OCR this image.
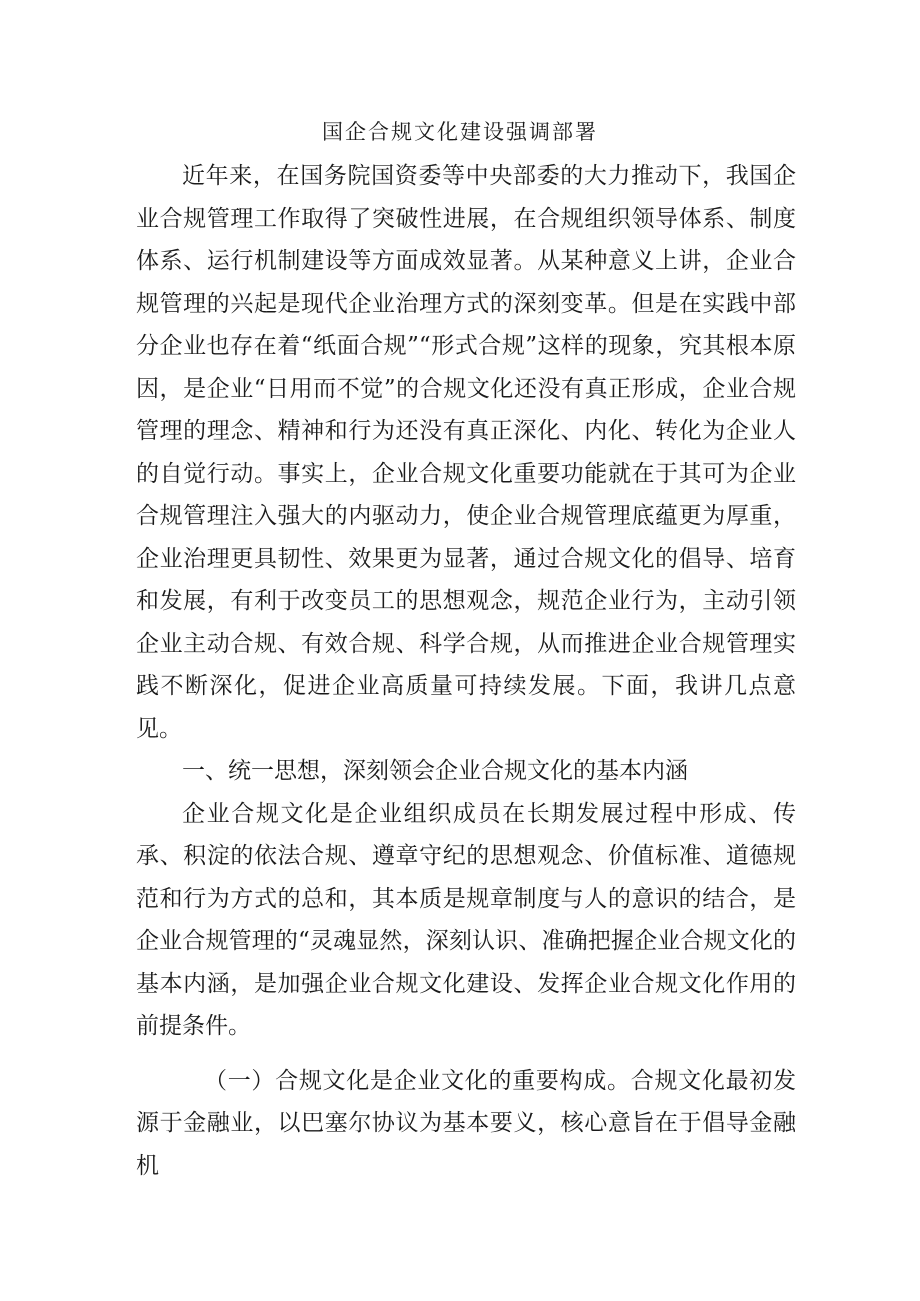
国企合规文化建设强调部署

近年来，在国务院国资委等中央部委的大力推动下，我国企业合规管理工作取得了突破性进展，在合规组织领导体系、制度体系、运行机制建设等方面成效显著。从某种意义上讲，企业合规管理的兴起是现代企业治理方式的深刻变革。但是在实践中部分企业也存在着“纸面合规”“形式合规”这样的现象，究其根本原因，是企业“日用而不觉”的合规文化还没有真正形成，企业合规管理的理念、精神和行为还没有真正深化、内化、转化为企业人的自觉行动。事实上，企业合规文化重要功能就在于其可为企业合规管理注入强大的内驱动力，使企业合规管理底蕴更为厚重，企业治理更具韧性、效果更为显著，通过合规文化的倡导、培育和发展，有利于改变员工的思想观念，规范企业行为，主动引领企业主动合规、有效合规、科学合规，从而推进企业合规管理实践不断深化，促进企业高质量可持续发展。下面，我讲几点意见。

一、统一思想，深刻领会企业合规文化的基本内涵

企业合规文化是企业组织成员在长期发展过程中形成、传承、积淀的依法合规、遵章守纪的思想观念、价值标准、道德规范和行为方式的总和，其本质是规章制度与人的意识的结合，是企业合规管理的“灵魂显然，深刻认识、准确把握企业合规文化的基本内涵，是加强企业合规文化建设、发挥企业合规文化作用的前提条件。

（一）合规文化是企业文化的重要构成。合规文化最初发源于金融业，以巴塞尔协议为基本要义，核心意旨在于倡导金融机
